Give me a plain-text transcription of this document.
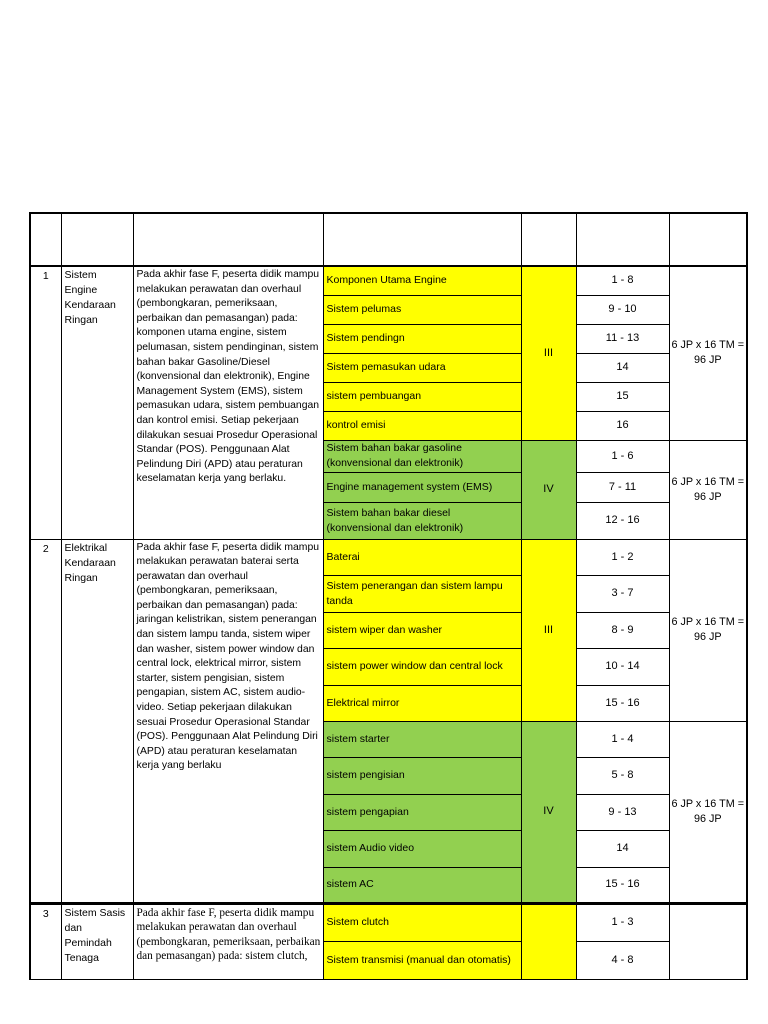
1	Sistem Engine Kendaraan Ringan	Pada akhir fase F, peserta didik mampu melakukan perawatan dan overhaul (pembongkaran, pemeriksaan, perbaikan dan pemasangan) pada: komponen utama engine, sistem pelumasan, sistem pendinginan, sistem bahan bakar Gasoline/Diesel (konvensional dan elektronik), Engine Management System (EMS), sistem pemasukan udara, sistem pembuangan dan kontrol emisi. Setiap pekerjaan dilakukan sesuai Prosedur Operasional Standar (POS). Penggunaan Alat Pelindung Diri (APD) atau peraturan keselamatan kerja yang berlaku.	Komponen Utama Engine	III	1 - 8	6 JP x 16 TM = 96 JP
			Sistem pelumas		9 - 10	
			Sistem pendingn		11 - 13	
			Sistem pemasukan udara		14	
			sistem pembuangan		15	
			kontrol emisi		16	
			Sistem bahan bakar gasoline (konvensional dan elektronik)	IV	1 - 6	6 JP x 16 TM = 96 JP
			Engine management system (EMS)		7 - 11	
			Sistem bahan bakar diesel (konvensional dan elektronik)		12 - 16	
2	Elektrikal Kendaraan Ringan	Pada akhir fase F, peserta didik mampu melakukan perawatan baterai serta perawatan dan overhaul (pembongkaran, pemeriksaan, perbaikan dan pemasangan) pada: jaringan kelistrikan, sistem penerangan dan sistem lampu tanda, sistem wiper dan washer, sistem power window dan central lock, elektrical mirror, sistem starter, sistem pengisian, sistem pengapian, sistem AC, sistem audio-video. Setiap pekerjaan dilakukan sesuai Prosedur Operasional Standar (POS). Penggunaan Alat Pelindung Diri (APD) atau peraturan keselamatan kerja yang berlaku	Baterai	III	1 - 2	6 JP x 16 TM = 96 JP
			Sistem penerangan dan sistem lampu tanda		3 - 7	
			sistem wiper dan washer		8 - 9	
			sistem power window dan central lock		10 - 14	
			Elektrical mirror		15 - 16	
			sistem starter	IV	1 - 4	6 JP x 16 TM = 96 JP
			sistem pengisian		5 - 8	
			sistem pengapian		9 - 13	
			sistem Audio video		14	
			sistem AC		15 - 16	
3	Sistem Sasis dan Pemindah Tenaga	Pada akhir fase F, peserta didik mampu melakukan perawatan dan overhaul (pembongkaran, pemeriksaan, perbaikan dan pemasangan) pada: sistem clutch,	Sistem clutch		1 - 3	
			Sistem transmisi (manual dan otomatis)		4 - 8	
